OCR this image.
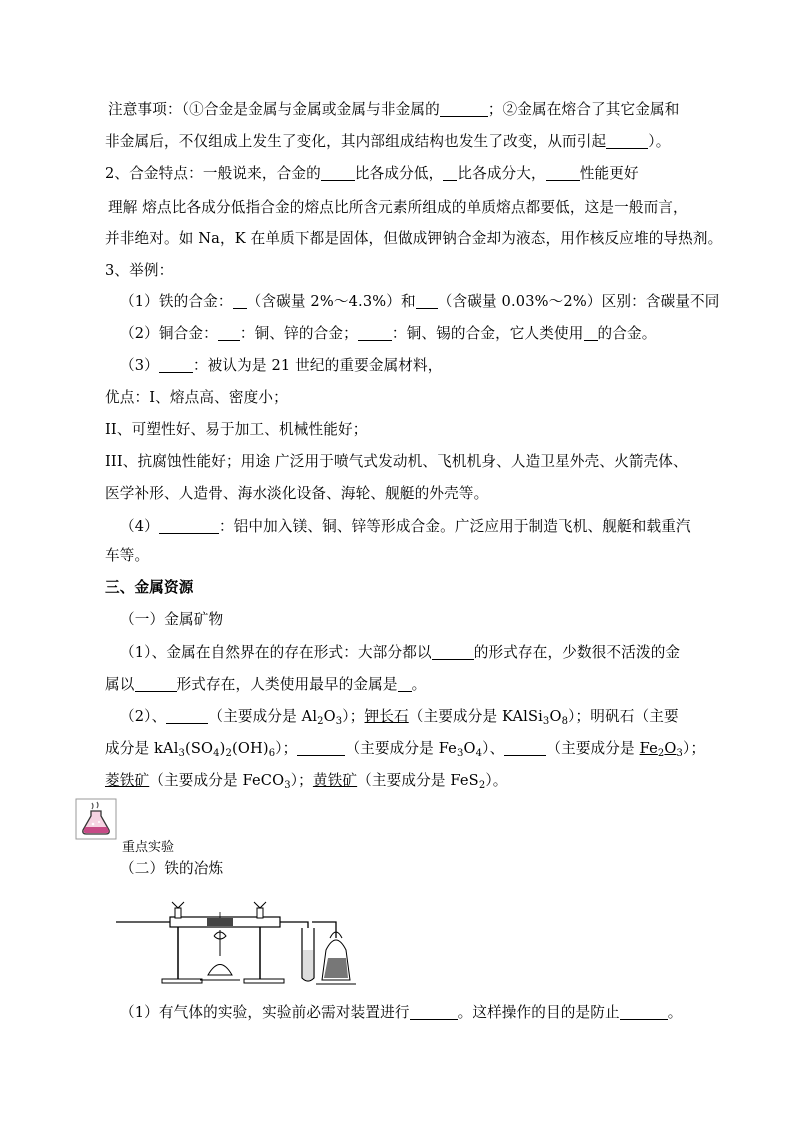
注意事项：（①合金是金属与金属或金属与非金属的	；②金属在熔合了其它金属和
非金属后，不仅组成上发生了变化，其内部组成结构也发生了改变，从而引起	）。
2、合金特点：一般说来，合金的 比各成分低， 比各成分大， 性能更好
理解 熔点比各成分低指合金的熔点比所含元素所组成的单质熔点都要低，这是一般而言，
并非绝对。如 Na，K 在单质下都是固体，但做成钾钠合金却为液态，用作核反应堆的导热剂。
3、举例：
（1）铁的合金： （含碳量 2%～4.3%）和 （含碳量 0.03%～2%）区别：含碳量不同
（2）铜合金： ：铜、锌的合金； ：铜、锡的合金，它人类使用 的合金。
（3） ：被认为是 21 世纪的重要金属材料，
优点：I、熔点高、密度小；
II、可塑性好、易于加工、机械性能好；
III、抗腐蚀性能好；用途 广泛用于喷气式发动机、飞机机身、人造卫星外壳、火箭壳体、
医学补形、人造骨、海水淡化设备、海轮、舰艇的外壳等。
（4）	：铝中加入镁、铜、锌等形成合金。广泛应用于制造飞机、舰艇和载重汽
车等。
三、金属资源
（一）金属矿物
（1）、金属在自然界在的存在形式：大部分都以	的形式存在，少数很不活泼的金
属以	形式存在，人类使用最早的金属是 。
（2）、	（主要成分是 $Al_2O_3$）；钾长石（主要成分是 $KAlSi_3O_8$）；明矾石（主要
成分是 $kAl_3(SO_4)_2(OH)_6$）；	（主要成分是 $Fe_3O_4$）、	（主要成分是 $Fe_2O_3$）；
菱铁矿（主要成分是 FeCO$_3$）；黄铁矿（主要成分是 FeS$_2$）。
重点实验
（二）铁的冶炼
（1）有气体的实验，实验前必需对装置进行	。这样操作的目的是防止	。
